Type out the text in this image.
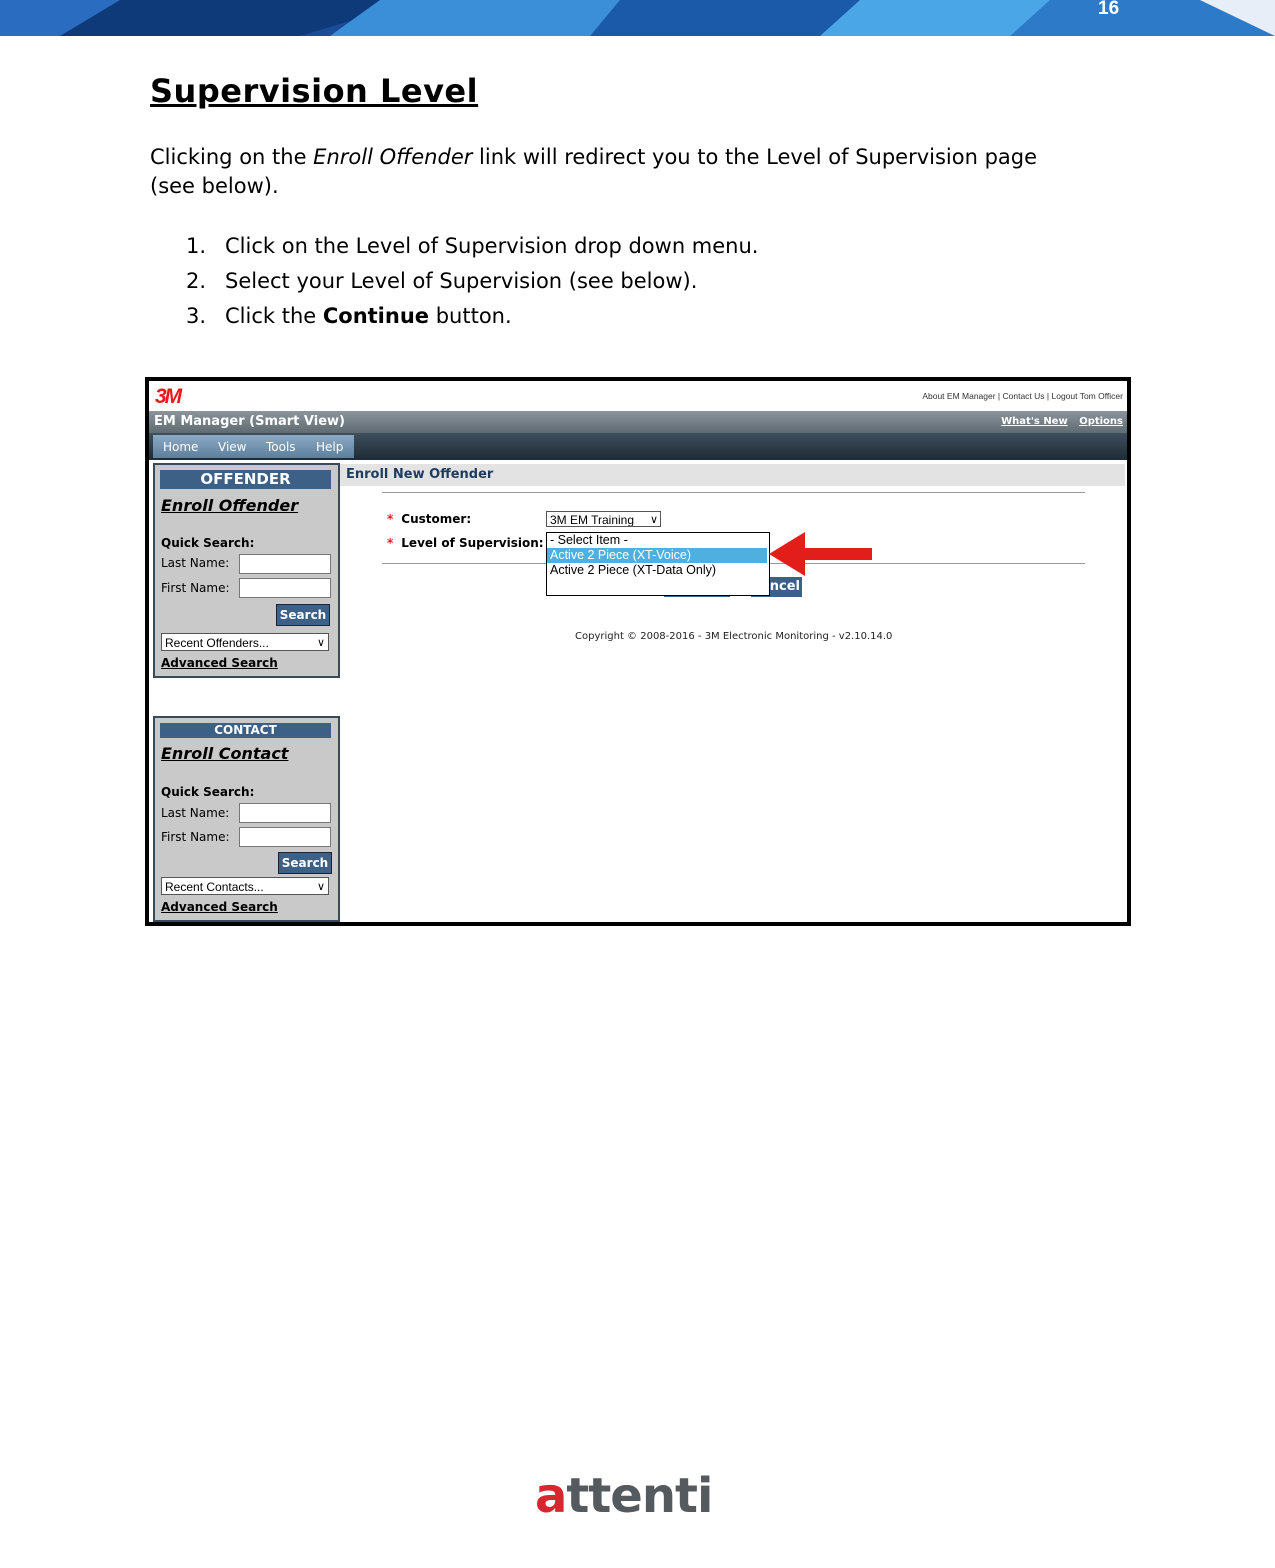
16
Supervision Level
Clicking on the Enroll Offender link will redirect you to the Level of Supervision page (see below).
1. Click on the Level of Supervision drop down menu.
2. Select your Level of Supervision (see below).
3. Click the Continue button.
3M	About EM Manager | Contact Us | Logout Tom Officer
EM Manager (Smart View)	What's New Options
Home View Tools Help
OFFENDER
Enroll Offender
Quick Search:
Last Name:
First Name:
Search
Recent Offenders...	∨
Advanced Search
CONTACT
Enroll Contact
Quick Search:
Last Name:
First Name:
Search
Recent Contacts...	∨
Advanced Search
Enroll New Offender
* Customer:	3M EM Training ∨
* Level of Supervision:
ncel
- Select Item -
Active 2 Piece (XT-Voice)
Active 2 Piece (XT-Data Only)
Copyright © 2008-2016 - 3M Electronic Monitoring - v2.10.14.0
attenti
